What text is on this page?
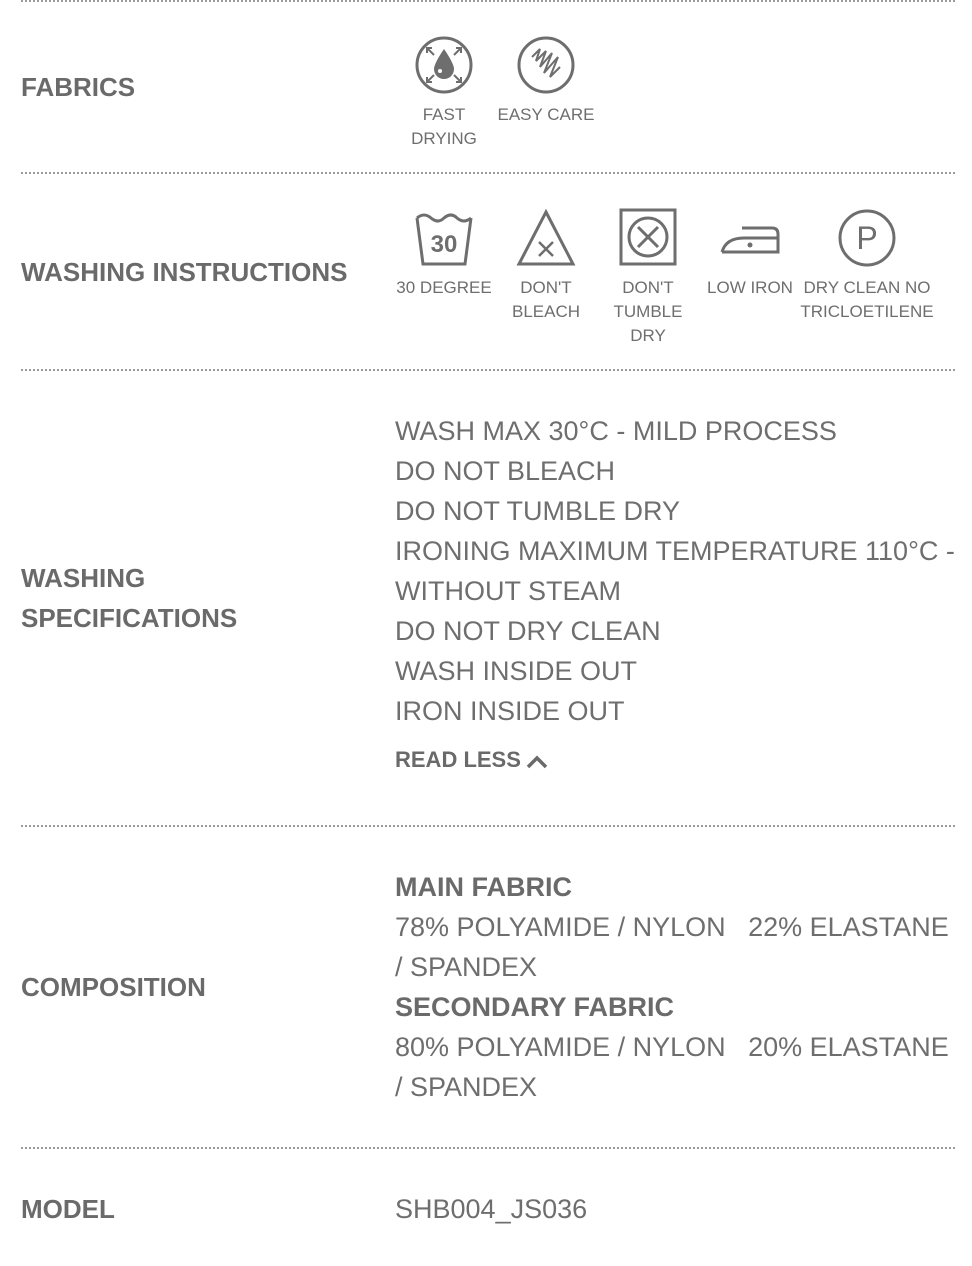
FABRICS
FAST DRYING
EASY CARE
WASHING INSTRUCTIONS
30
30 DEGREE	DON'T BLEACH
DON'T TUMBLE DRY
LOW IRON
P
DRY CLEAN NO TRICLOETILENE
WASHING SPECIFICATIONS
WASH MAX 30°C - MILD PROCESS
DO NOT BLEACH
DO NOT TUMBLE DRY
IRONING MAXIMUM TEMPERATURE 110°C - WITHOUT STEAM
DO NOT DRY CLEAN
WASH INSIDE OUT
IRON INSIDE OUT
READ LESS
COMPOSITION
MAIN FABRIC
78% POLYAMIDE / NYLON   22% ELASTANE / SPANDEX
SECONDARY FABRIC
80% POLYAMIDE / NYLON   20% ELASTANE / SPANDEX
MODEL	SHB004_JS036
